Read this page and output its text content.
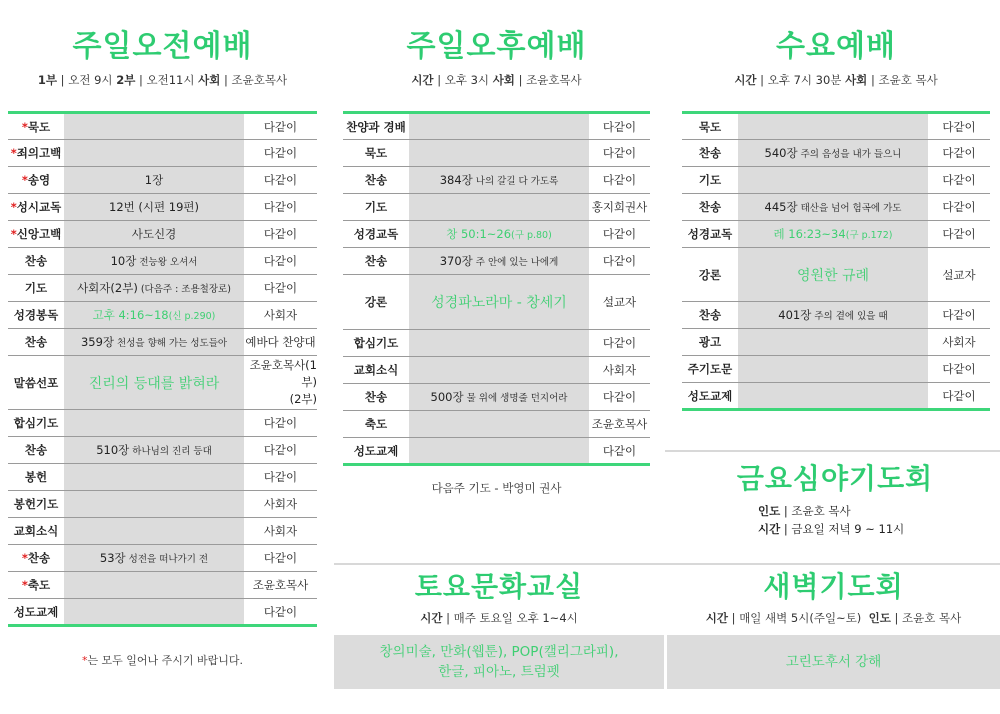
주일오전예배
1부 | 오전 9시 2부 | 오전11시 사회 | 조윤호목사
*묵도		다같이
*죄의고백		다같이
*송영	1장	다같이
*성시교독	12번 (시편 19편)	다같이
*신앙고백	사도신경	다같이
찬송	10장 전능왕 오셔서	다같이
기도	사회자(2부) (다음주 : 조용철장로)	다같이
성경봉독	고후 4:16~18(신 p.290)	사회자
찬송	359장 천성을 향해 가는 성도들아	예바다 찬양대
말씀선포	진리의 등대를 밝혀라	조윤호목사(1부)
(2부)

합심기도		다같이
찬송	510장 하나님의 진리 등대	다같이
봉헌		다같이
봉헌기도		사회자
교회소식		사회자
*찬송	53장 성전을 떠나가기 전	다같이
*축도		조윤호목사
성도교제		다같이
*는 모두 일어나 주시기 바랍니다.
주일오후예배
시간 | 오후 3시 사회 | 조윤호목사
찬양과 경배		다같이
묵도		다같이
찬송	384장 나의 갈길 다 가도록	다같이
기도		홍지희권사
성경교독	창 50:1~26(구 p.80)	다같이
찬송	370장 주 안에 있는 나에게	다같이
강론	성경파노라마 - 창세기	설교자
합심기도		다같이
교회소식		사회자
찬송	500장 물 위에 생명줄 던지어라	다같이
축도		조윤호목사
성도교제		다같이
다음주 기도 - 박영미 권사
수요예배
시간 | 오후 7시 30분 사회 | 조윤호 목사
묵도		다같이
찬송	540장 주의 음성을 내가 들으니	다같이
기도		다같이
찬송	445장 태산을 넘어 험곡에 가도	다같이
성경교독	레 16:23~34(구 p.172)	다같이
강론	영원한 규례	설교자
찬송	401장 주의 곁에 있을 때	다같이
광고		사회자
주기도문		다같이
성도교제		다같이
금요심야기도회
인도 | 조윤호 목사
시간 | 금요일 저녁 9 ~ 11시
토요문화교실
시간 | 매주 토요일 오후 1~4시
창의미술, 만화(웹툰), POP(캘리그라피),
한글, 피아노, 트럼펫
새벽기도회
시간 | 매일 새벽 5시(주일~토) 인도 | 조윤호 목사
고린도후서 강해
